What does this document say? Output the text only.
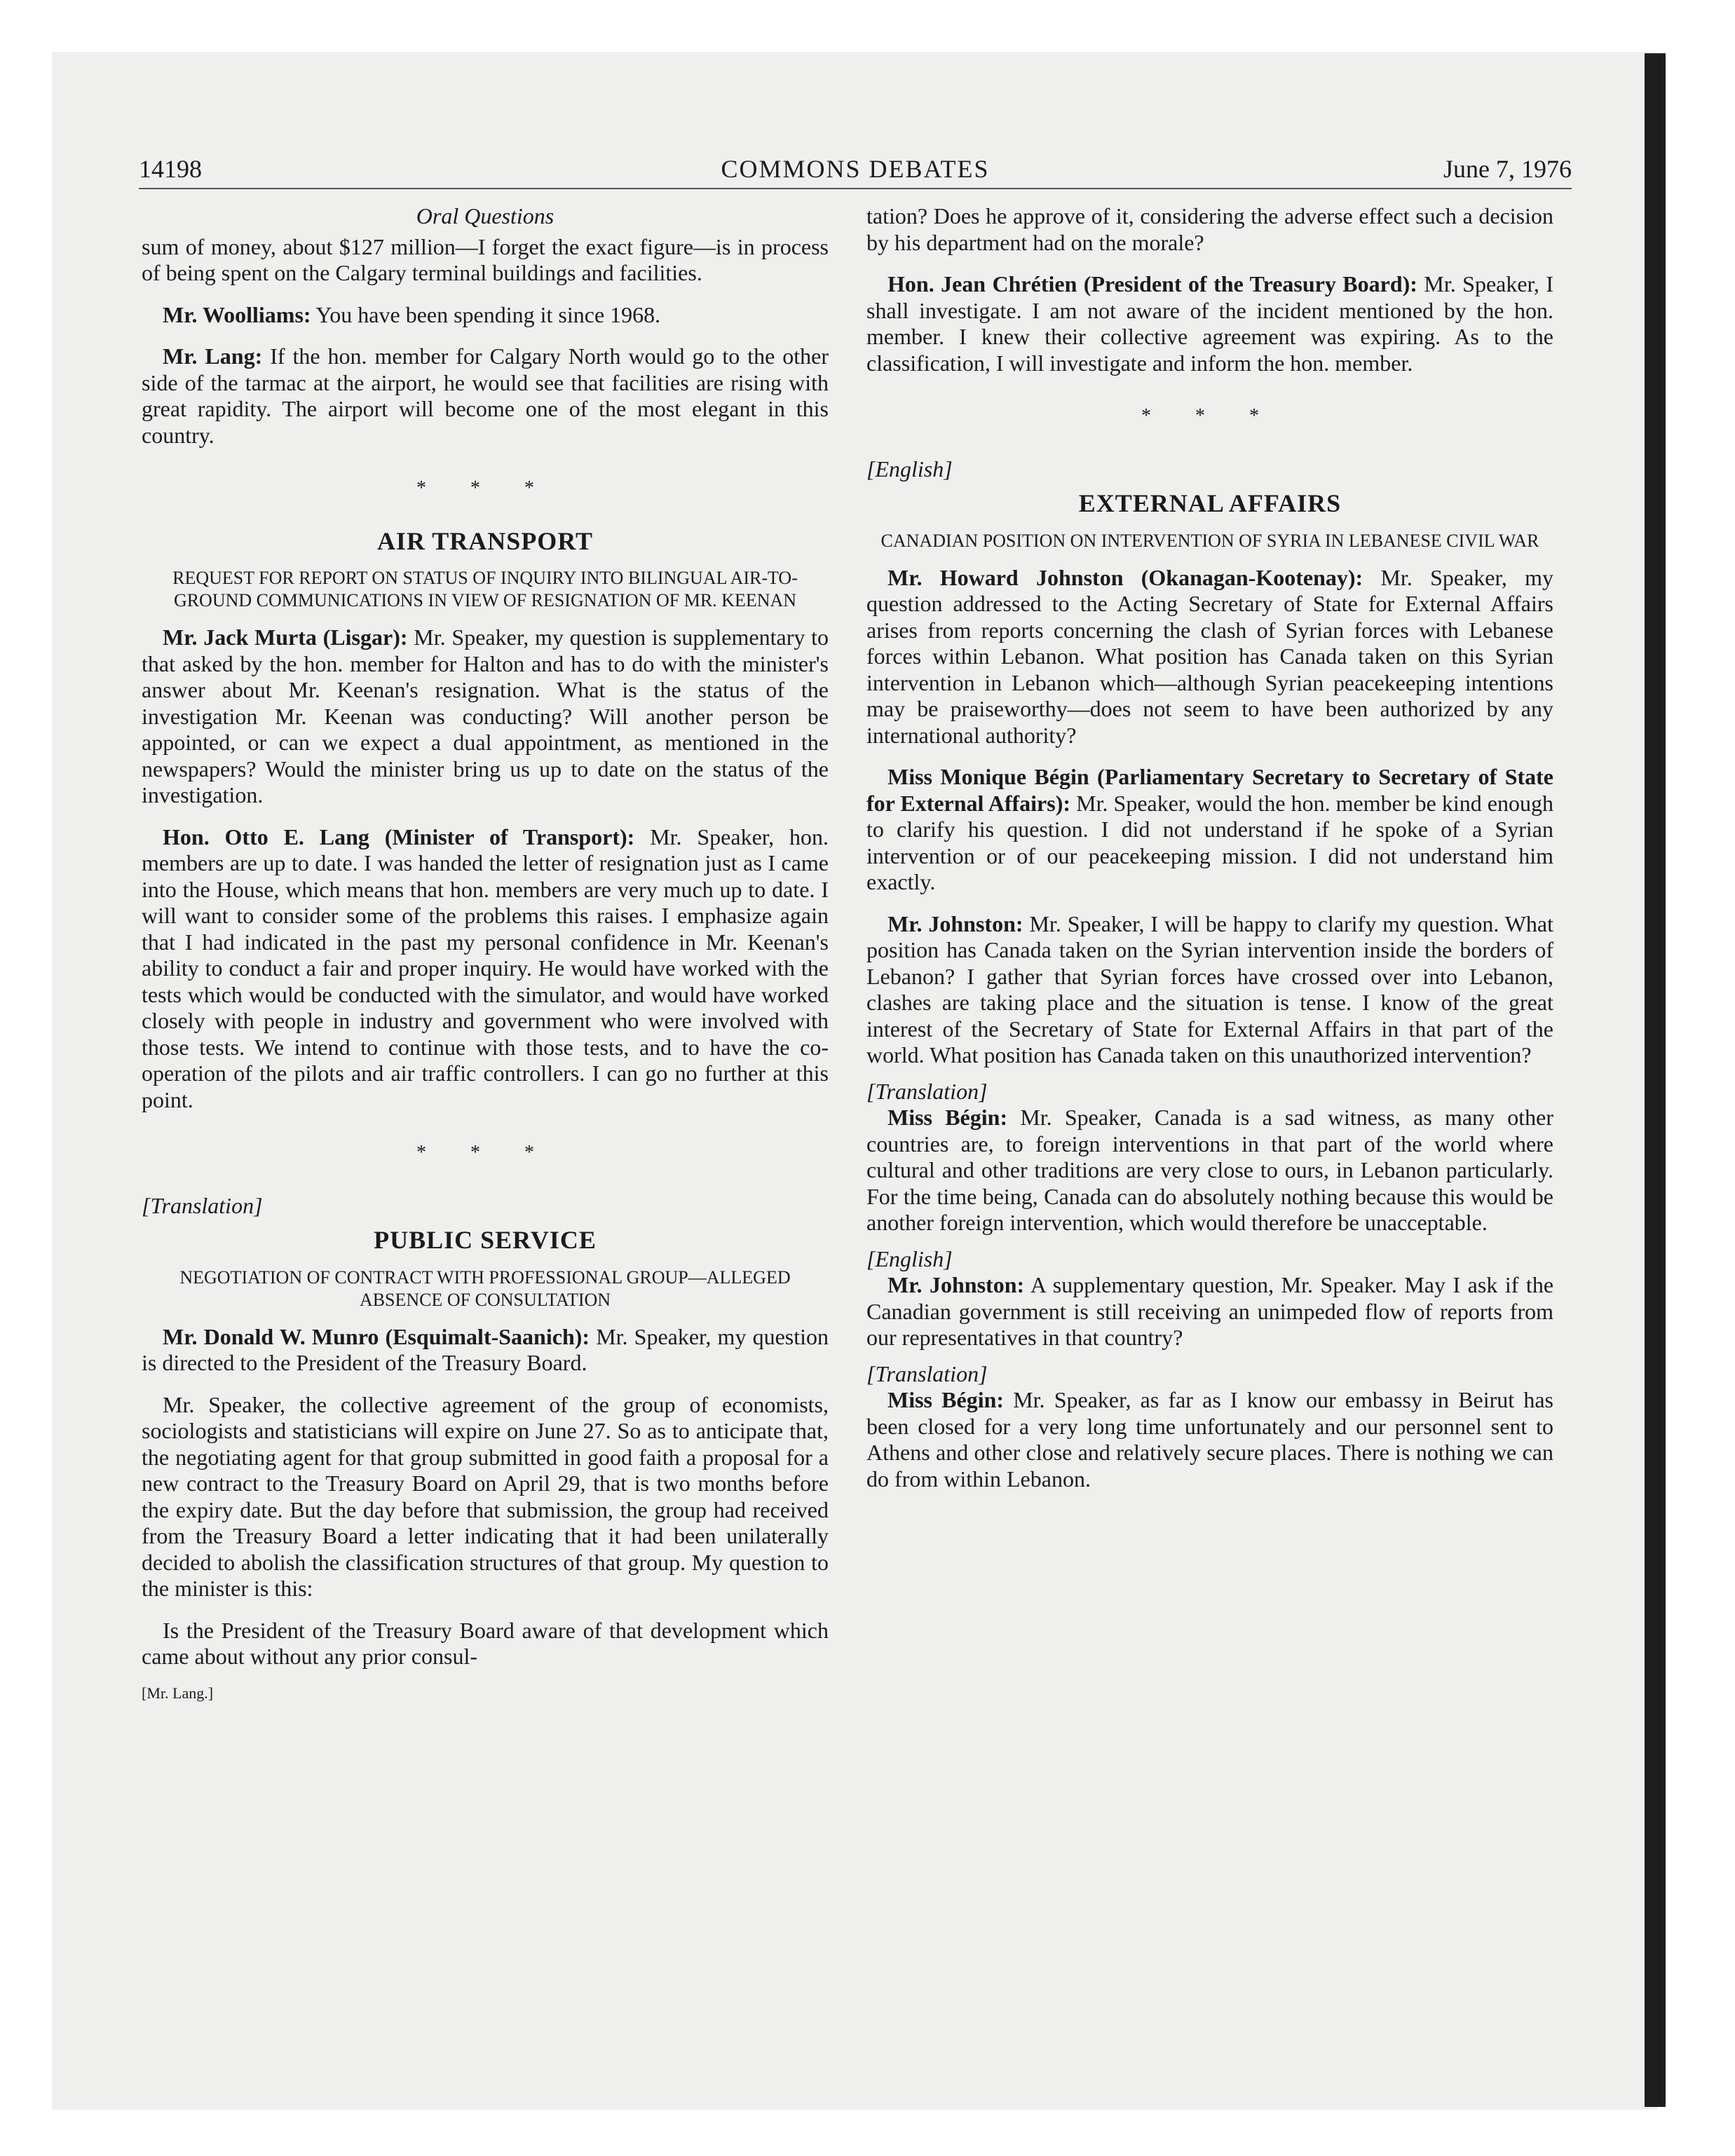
COMMONS DEBATES
14198	June 7, 1976

Oral Questions

sum of money, about $127 million—I forget the exact figure—is in process of being spent on the Calgary terminal buildings and facilities.

Mr. Woolliams: You have been spending it since 1968.

Mr. Lang: If the hon. member for Calgary North would go to the other side of the tarmac at the airport, he would see that facilities are rising with great rapidity. The airport will become one of the most elegant in this country.

* * *

AIR TRANSPORT

REQUEST FOR REPORT ON STATUS OF INQUIRY INTO BILINGUAL AIR-TO-GROUND COMMUNICATIONS IN VIEW OF RESIGNATION OF MR. KEENAN

Mr. Jack Murta (Lisgar): Mr. Speaker, my question is supplementary to that asked by the hon. member for Halton and has to do with the minister's answer about Mr. Keenan's resignation. What is the status of the investigation Mr. Keenan was conducting? Will another person be appointed, or can we expect a dual appointment, as mentioned in the newspapers? Would the minister bring us up to date on the status of the investigation.

Hon. Otto E. Lang (Minister of Transport): Mr. Speaker, hon. members are up to date. I was handed the letter of resignation just as I came into the House, which means that hon. members are very much up to date. I will want to consider some of the problems this raises. I emphasize again that I had indicated in the past my personal confidence in Mr. Keenan's ability to conduct a fair and proper inquiry. He would have worked with the tests which would be conducted with the simulator, and would have worked closely with people in industry and government who were involved with those tests. We intend to continue with those tests, and to have the co-operation of the pilots and air traffic controllers. I can go no further at this point.

* * *

[Translation]

PUBLIC SERVICE

NEGOTIATION OF CONTRACT WITH PROFESSIONAL GROUP—ALLEGED ABSENCE OF CONSULTATION

Mr. Donald W. Munro (Esquimalt-Saanich): Mr. Speaker, my question is directed to the President of the Treasury Board.

Mr. Speaker, the collective agreement of the group of economists, sociologists and statisticians will expire on June 27. So as to anticipate that, the negotiating agent for that group submitted in good faith a proposal for a new contract to the Treasury Board on April 29, that is two months before the expiry date. But the day before that submission, the group had received from the Treasury Board a letter indicating that it had been unilaterally decided to abolish the classification structures of that group. My question to the minister is this:

Is the President of the Treasury Board aware of that development which came about without any prior consul-

[Mr. Lang.]

tation? Does he approve of it, considering the adverse effect such a decision by his department had on the morale?

Hon. Jean Chrétien (President of the Treasury Board): Mr. Speaker, I shall investigate. I am not aware of the incident mentioned by the hon. member. I knew their collective agreement was expiring. As to the classification, I will investigate and inform the hon. member.

* * *

[English]

EXTERNAL AFFAIRS

CANADIAN POSITION ON INTERVENTION OF SYRIA IN LEBANESE CIVIL WAR

Mr. Howard Johnston (Okanagan-Kootenay): Mr. Speaker, my question addressed to the Acting Secretary of State for External Affairs arises from reports concerning the clash of Syrian forces with Lebanese forces within Lebanon. What position has Canada taken on this Syrian intervention in Lebanon which—although Syrian peacekeeping intentions may be praiseworthy—does not seem to have been authorized by any international authority?

Miss Monique Bégin (Parliamentary Secretary to Secretary of State for External Affairs): Mr. Speaker, would the hon. member be kind enough to clarify his question. I did not understand if he spoke of a Syrian intervention or of our peacekeeping mission. I did not understand him exactly.

Mr. Johnston: Mr. Speaker, I will be happy to clarify my question. What position has Canada taken on the Syrian intervention inside the borders of Lebanon? I gather that Syrian forces have crossed over into Lebanon, clashes are taking place and the situation is tense. I know of the great interest of the Secretary of State for External Affairs in that part of the world. What position has Canada taken on this unauthorized intervention?

[Translation]

Miss Bégin: Mr. Speaker, Canada is a sad witness, as many other countries are, to foreign interventions in that part of the world where cultural and other traditions are very close to ours, in Lebanon particularly. For the time being, Canada can do absolutely nothing because this would be another foreign intervention, which would therefore be unacceptable.

[English]

Mr. Johnston: A supplementary question, Mr. Speaker. May I ask if the Canadian government is still receiving an unimpeded flow of reports from our representatives in that country?

[Translation]

Miss Bégin: Mr. Speaker, as far as I know our embassy in Beirut has been closed for a very long time unfortunately and our personnel sent to Athens and other close and relatively secure places. There is nothing we can do from within Lebanon.
